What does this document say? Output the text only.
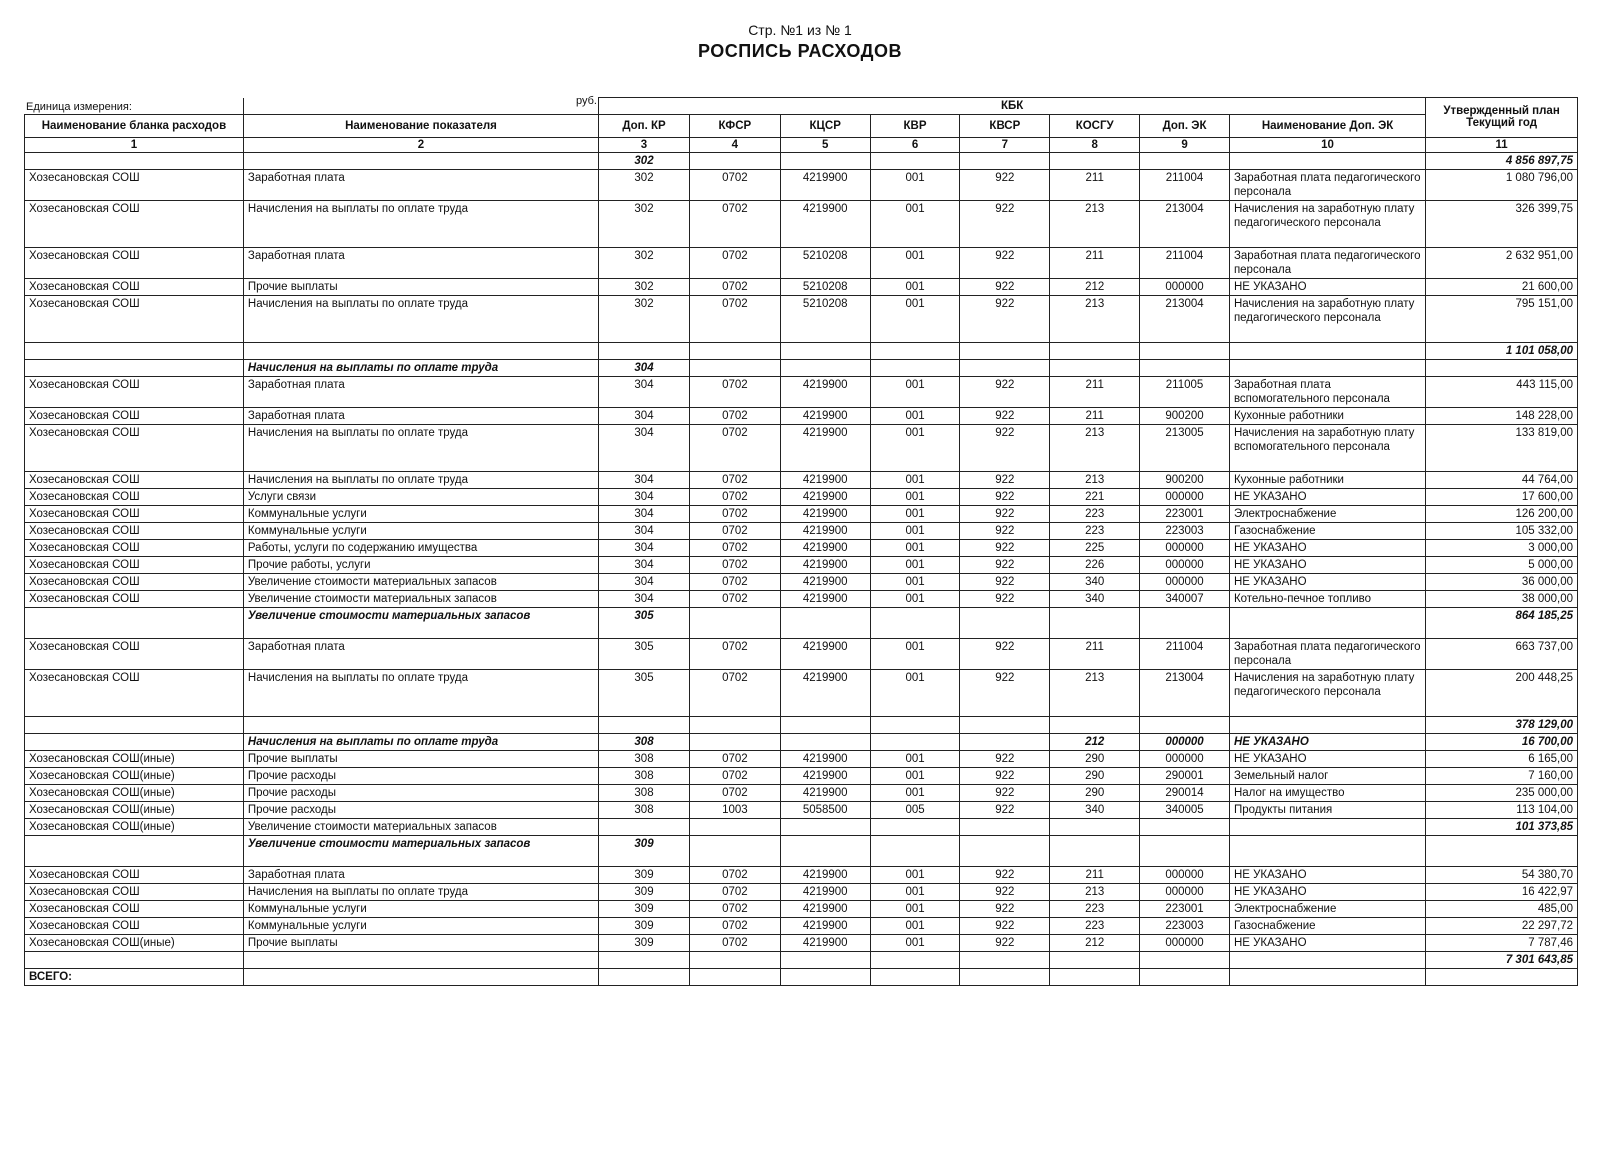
Стр. №1 из № 1
РОСПИСЬ РАСХОДОВ
Единица измерения:	руб.
			КБК								Утвержденный план Текущий год
Наименование бланка расходов	Наименование показателя	Доп. КР	КФСР	КЦСР	КВР	КВСР	КОСГУ	Доп. ЭК	Наименование Доп. ЭК	
1	2	3	4	5	6	7	8	9	10	11
		302								4 856 897,75
Хозесановская СОШ	Заработная плата	302	0702	4219900	001	922	211	211004	Заработная плата педагогического персонала	1 080 796,00
Хозесановская СОШ	Начисления на выплаты по оплате труда	302	0702	4219900	001	922	213	213004	Начисления на заработную плату педагогического персонала	326 399,75
Хозесановская СОШ	Заработная плата	302	0702	5210208	001	922	211	211004	Заработная плата педагогического персонала	2 632 951,00
Хозесановская СОШ	Прочие выплаты	302	0702	5210208	001	922	212	000000	НЕ УКАЗАНО	21 600,00
Хозесановская СОШ	Начисления на выплаты по оплате труда	302	0702	5210208	001	922	213	213004	Начисления на заработную плату педагогического персонала	795 151,00
										1 101 058,00
	Начисления на выплаты по оплате труда	304								
Хозесановская СОШ	Заработная плата	304	0702	4219900	001	922	211	211005	Заработная плата вспомогательного персонала	443 115,00
Хозесановская СОШ	Заработная плата	304	0702	4219900	001	922	211	900200	Кухонные работники	148 228,00
Хозесановская СОШ	Начисления на выплаты по оплате труда	304	0702	4219900	001	922	213	213005	Начисления на заработную плату вспомогательного персонала	133 819,00
Хозесановская СОШ	Начисления на выплаты по оплате труда	304	0702	4219900	001	922	213	900200	Кухонные работники	44 764,00
Хозесановская СОШ	Услуги связи	304	0702	4219900	001	922	221	000000	НЕ УКАЗАНО	17 600,00
Хозесановская СОШ	Коммунальные услуги	304	0702	4219900	001	922	223	223001	Электроснабжение	126 200,00
Хозесановская СОШ	Коммунальные услуги	304	0702	4219900	001	922	223	223003	Газоснабжение	105 332,00
Хозесановская СОШ	Работы, услуги по содержанию имущества	304	0702	4219900	001	922	225	000000	НЕ УКАЗАНО	3 000,00
Хозесановская СОШ	Прочие работы, услуги	304	0702	4219900	001	922	226	000000	НЕ УКАЗАНО	5 000,00
Хозесановская СОШ	Увеличение стоимости материальных запасов	304	0702	4219900	001	922	340	000000	НЕ УКАЗАНО	36 000,00
Хозесановская СОШ	Увеличение стоимости материальных запасов	304	0702	4219900	001	922	340	340007	Котельно-печное топливо	38 000,00
	Увеличение стоимости материальных запасов	305								864 185,25
Хозесановская СОШ	Заработная плата	305	0702	4219900	001	922	211	211004	Заработная плата педагогического персонала	663 737,00
Хозесановская СОШ	Начисления на выплаты по оплате труда	305	0702	4219900	001	922	213	213004	Начисления на заработную плату педагогического персонала	200 448,25
										378 129,00
	Начисления на выплаты по оплате труда	308					212	000000	НЕ УКАЗАНО	16 700,00
Хозесановская СОШ(иные)	Прочие выплаты	308	0702	4219900	001	922	290	000000	НЕ УКАЗАНО	6 165,00
Хозесановская СОШ(иные)	Прочие расходы	308	0702	4219900	001	922	290	290001	Земельный налог	7 160,00
Хозесановская СОШ(иные)	Прочие расходы	308	0702	4219900	001	922	290	290014	Налог на имущество	235 000,00
Хозесановская СОШ(иные)	Прочие расходы	308	1003	5058500	005	922	340	340005	Продукты питания	113 104,00
Хозесановская СОШ(иные)	Увеличение стоимости материальных запасов									101 373,85
	Увеличение стоимости материальных запасов	309								
Хозесановская СОШ	Заработная плата	309	0702	4219900	001	922	211	000000	НЕ УКАЗАНО	54 380,70
Хозесановская СОШ	Начисления на выплаты по оплате труда	309	0702	4219900	001	922	213	000000	НЕ УКАЗАНО	16 422,97
Хозесановская СОШ	Коммунальные услуги	309	0702	4219900	001	922	223	223001	Электроснабжение	485,00
Хозесановская СОШ	Коммунальные услуги	309	0702	4219900	001	922	223	223003	Газоснабжение	22 297,72
Хозесановская СОШ(иные)	Прочие выплаты	309	0702	4219900	001	922	212	000000	НЕ УКАЗАНО	7 787,46
										7 301 643,85
ВСЕГО:										
